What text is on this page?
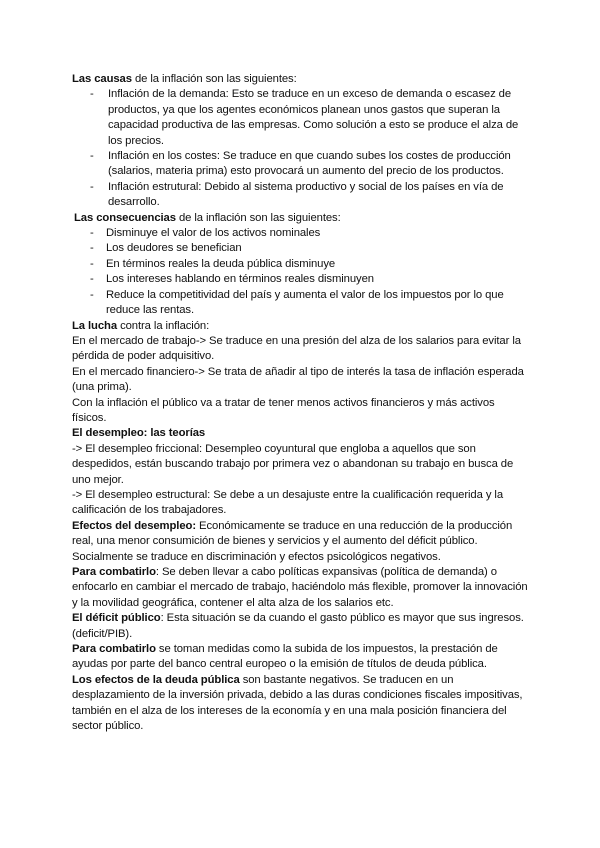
Las causas de la inflación son las siguientes:

- Inflación de la demanda: Esto se traduce en un exceso de demanda o escasez de productos, ya que los agentes económicos planean unos gastos que superan la capacidad productiva de las empresas. Como solución a esto se produce el alza de los precios.
- Inflación en los costes: Se traduce en que cuando subes los costes de producción (salarios, materia prima) esto provocará un aumento del precio de los productos.
- Inflación estrutural: Debido al sistema productivo y social de los países en vía de desarrollo.

Las consecuencias de la inflación son las siguientes:

- Disminuye el valor de los activos nominales
- Los deudores se benefician
- En términos reales la deuda pública disminuye
- Los intereses hablando en términos reales disminuyen
- Reduce la competitividad del país y aumenta el valor de los impuestos por lo que reduce las rentas.

La lucha contra la inflación:

En el mercado de trabajo-> Se traduce en una presión del alza de los salarios para evitar la pérdida de poder adquisitivo.

En el mercado financiero-> Se trata de añadir al tipo de interés la tasa de inflación esperada (una prima).

Con la inflación el público va a tratar de tener menos activos financieros y más activos físicos.

El desempleo: las teorías

-> El desempleo friccional: Desempleo coyuntural que engloba a aquellos que son despedidos, están buscando trabajo por primera vez o abandonan su trabajo en busca de uno mejor.

-> El desempleo estructural: Se debe a un desajuste entre la cualificación requerida y la calificación de los trabajadores.

Efectos del desempleo: Económicamente se traduce en una reducción de la producción real, una menor consumición de bienes y servicios y el aumento del déficit público. Socialmente se traduce en discriminación y efectos psicológicos negativos.

Para combatirlo: Se deben llevar a cabo políticas expansivas (política de demanda) o enfocarlo en cambiar el mercado de trabajo, haciéndolo más flexible, promover la innovación y la movilidad geográfica, contener el alta alza de los salarios etc.

El déficit público: Esta situación se da cuando el gasto público es mayor que sus ingresos.(deficit/PIB).

Para combatirlo se toman medidas como la subida de los impuestos, la prestación de ayudas por parte del banco central europeo o la emisión de títulos de deuda pública.

Los efectos de la deuda pública son bastante negativos. Se traducen en un desplazamiento de la inversión privada, debido a las duras condiciones fiscales impositivas, también en el alza de los intereses de la economía y en una mala posición financiera del sector público.
